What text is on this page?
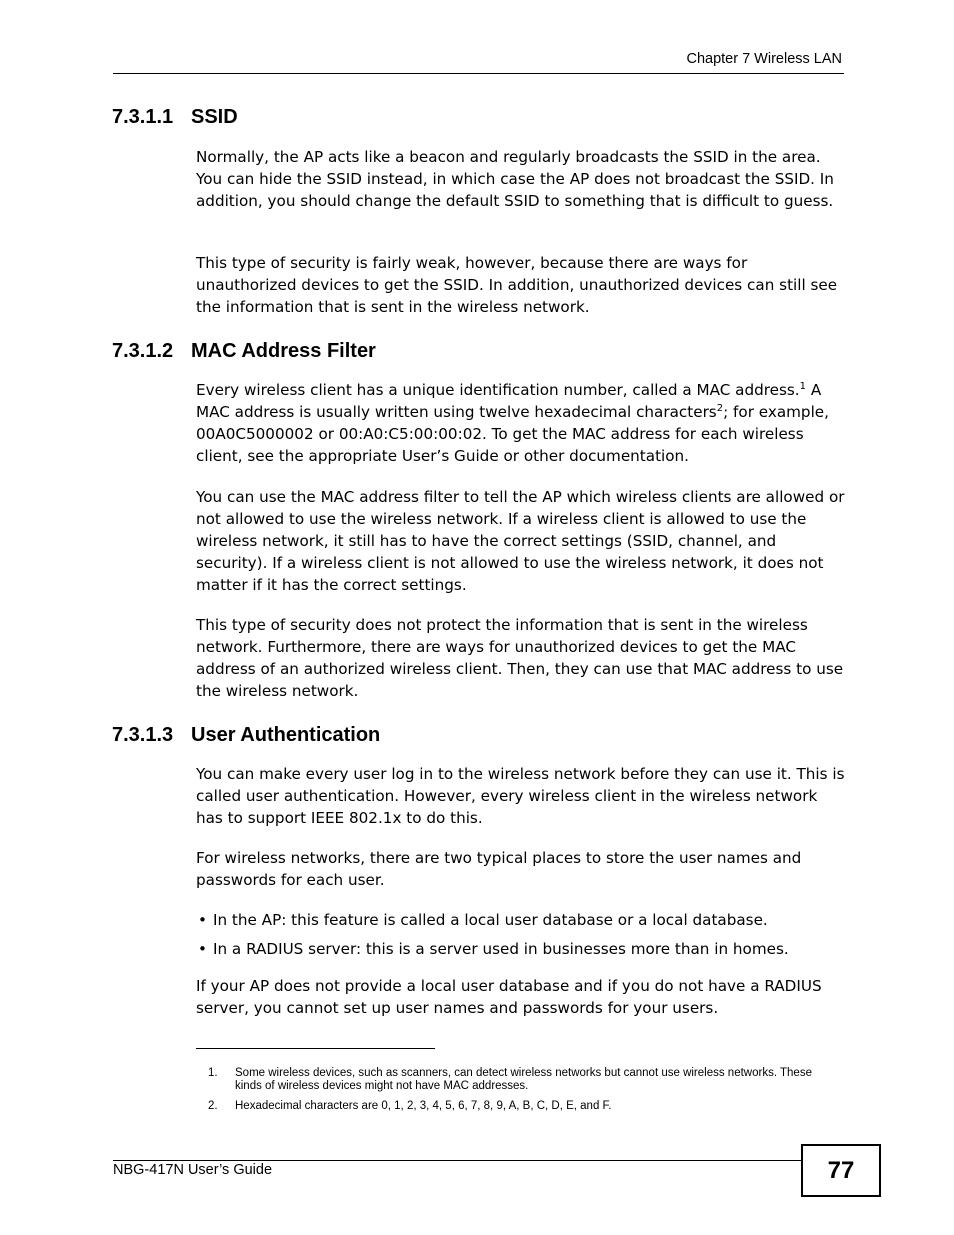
Chapter 7 Wireless LAN
7.3.1.1 SSID

Normally, the AP acts like a beacon and regularly broadcasts the SSID in the area. You can hide the SSID instead, in which case the AP does not broadcast the SSID. In addition, you should change the default SSID to something that is difficult to guess.

This type of security is fairly weak, however, because there are ways for unauthorized devices to get the SSID. In addition, unauthorized devices can still see the information that is sent in the wireless network.

7.3.1.2 MAC Address Filter

Every wireless client has a unique identification number, called a MAC address.$^1$ A MAC address is usually written using twelve hexadecimal characters$^2$; for example, 00A0C5000002 or 00:A0:C5:00:00:02. To get the MAC address for each wireless client, see the appropriate User’s Guide or other documentation.

You can use the MAC address filter to tell the AP which wireless clients are allowed or not allowed to use the wireless network. If a wireless client is allowed to use the wireless network, it still has to have the correct settings (SSID, channel, and security). If a wireless client is not allowed to use the wireless network, it does not matter if it has the correct settings.

This type of security does not protect the information that is sent in the wireless network. Furthermore, there are ways for unauthorized devices to get the MAC address of an authorized wireless client. Then, they can use that MAC address to use the wireless network.

7.3.1.3 User Authentication

You can make every user log in to the wireless network before they can use it. This is called user authentication. However, every wireless client in the wireless network has to support IEEE 802.1x to do this.

For wireless networks, there are two typical places to store the user names and passwords for each user.

• In the AP: this feature is called a local user database or a local database.
• In a RADIUS server: this is a server used in businesses more than in homes.

If your AP does not provide a local user database and if you do not have a RADIUS server, you cannot set up user names and passwords for your users.

1. Some wireless devices, such as scanners, can detect wireless networks but cannot use wireless networks. These kinds of wireless devices might not have MAC addresses.
2. Hexadecimal characters are 0, 1, 2, 3, 4, 5, 6, 7, 8, 9, A, B, C, D, E, and F.
NBG-417N User’s Guide	77
